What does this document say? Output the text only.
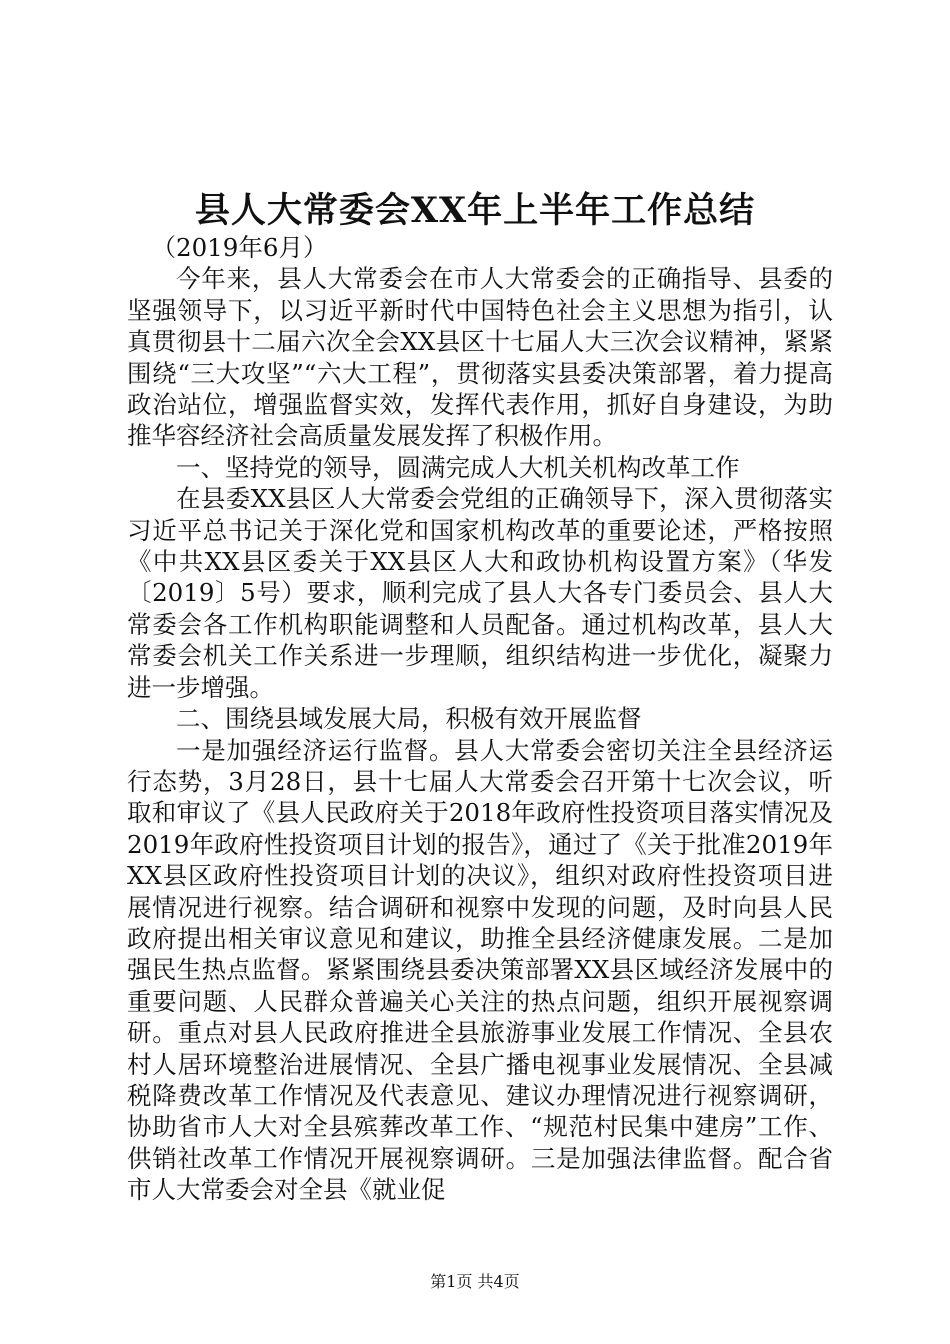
县人大常委会XX年上半年工作总结

（2019年6月）

今年来，县人大常委会在市人大常委会的正确指导、县委的坚强领导下，以习近平新时代中国特色社会主义思想为指引，认真贯彻县十二届六次全会XX县区十七届人大三次会议精神，紧紧围绕“三大攻坚”“六大工程”，贯彻落实县委决策部署，着力提高政治站位，增强监督实效，发挥代表作用，抓好自身建设，为助推华容经济社会高质量发展发挥了积极作用。

一、坚持党的领导，圆满完成人大机关机构改革工作

在县委XX县区人大常委会党组的正确领导下，深入贯彻落实习近平总书记关于深化党和国家机构改革的重要论述，严格按照《中共XX县区委关于XX县区人大和政协机构设置方案》（华发〔2019〕5号）要求，顺利完成了县人大各专门委员会、县人大常委会各工作机构职能调整和人员配备。通过机构改革，县人大常委会机关工作关系进一步理顺，组织结构进一步优化，凝聚力进一步增强。

二、围绕县域发展大局，积极有效开展监督

一是加强经济运行监督。县人大常委会密切关注全县经济运行态势，3月28日，县十七届人大常委会召开第十七次会议，听取和审议了《县人民政府关于2018年政府性投资项目落实情况及2019年政府性投资项目计划的报告》，通过了《关于批准2019年XX县区政府性投资项目计划的决议》，组织对政府性投资项目进展情况进行视察。结合调研和视察中发现的问题，及时向县人民政府提出相关审议意见和建议，助推全县经济健康发展。二是加强民生热点监督。紧紧围绕县委决策部署XX县区域经济发展中的重要问题、人民群众普遍关心关注的热点问题，组织开展视察调研。重点对县人民政府推进全县旅游事业发展工作情况、全县农村人居环境整治进展情况、全县广播电视事业发展情况、全县减税降费改革工作情况及代表意见、建议办理情况进行视察调研，协助省市人大对全县殡葬改革工作、“规范村民集中建房”工作、供销社改革工作情况开展视察调研。三是加强法律监督。配合省市人大常委会对全县《就业促

第1页 共4页
